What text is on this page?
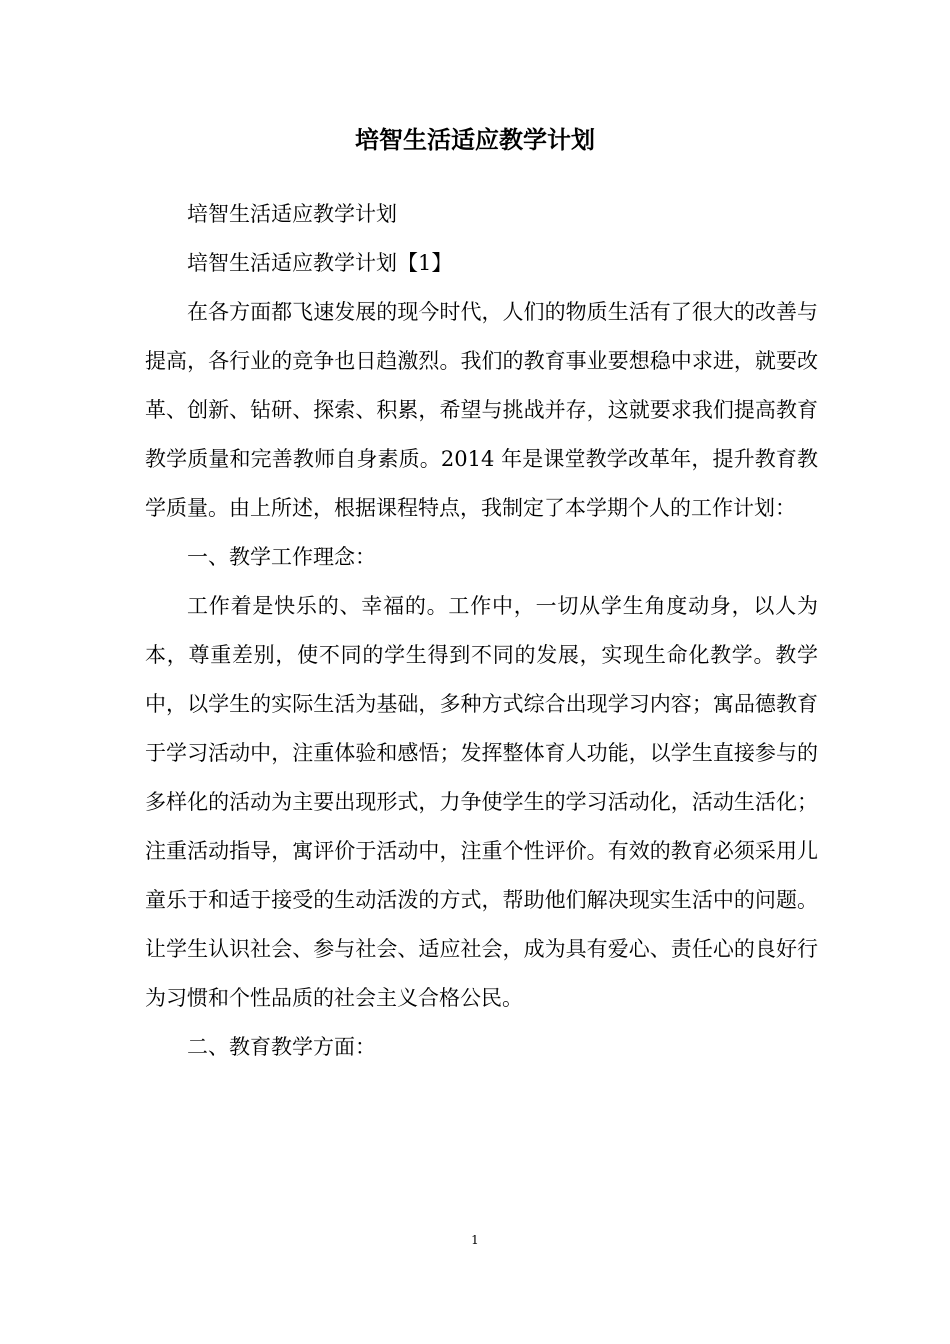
培智生活适应教学计划

培智生活适应教学计划

培智生活适应教学计划【1】

在各方面都飞速发展的现今时代，人们的物质生活有了很大的改善与提高，各行业的竞争也日趋激烈。我们的教育事业要想稳中求进，就要改革、创新、钻研、探索、积累，希望与挑战并存，这就要求我们提高教育教学质量和完善教师自身素质。2014 年是课堂教学改革年，提升教育教学质量。由上所述，根据课程特点，我制定了本学期个人的工作计划：

一、教学工作理念：

工作着是快乐的、幸福的。工作中，一切从学生角度动身，以人为本，尊重差别，使不同的学生得到不同的发展，实现生命化教学。教学中，以学生的实际生活为基础，多种方式综合出现学习内容；寓品德教育于学习活动中，注重体验和感悟；发挥整体育人功能，以学生直接参与的多样化的活动为主要出现形式，力争使学生的学习活动化，活动生活化；注重活动指导，寓评价于活动中，注重个性评价。有效的教育必须采用儿童乐于和适于接受的生动活泼的方式，帮助他们解决现实生活中的问题。让学生认识社会、参与社会、适应社会，成为具有爱心、责任心的良好行为习惯和个性品质的社会主义合格公民。

二、教育教学方面：

1
